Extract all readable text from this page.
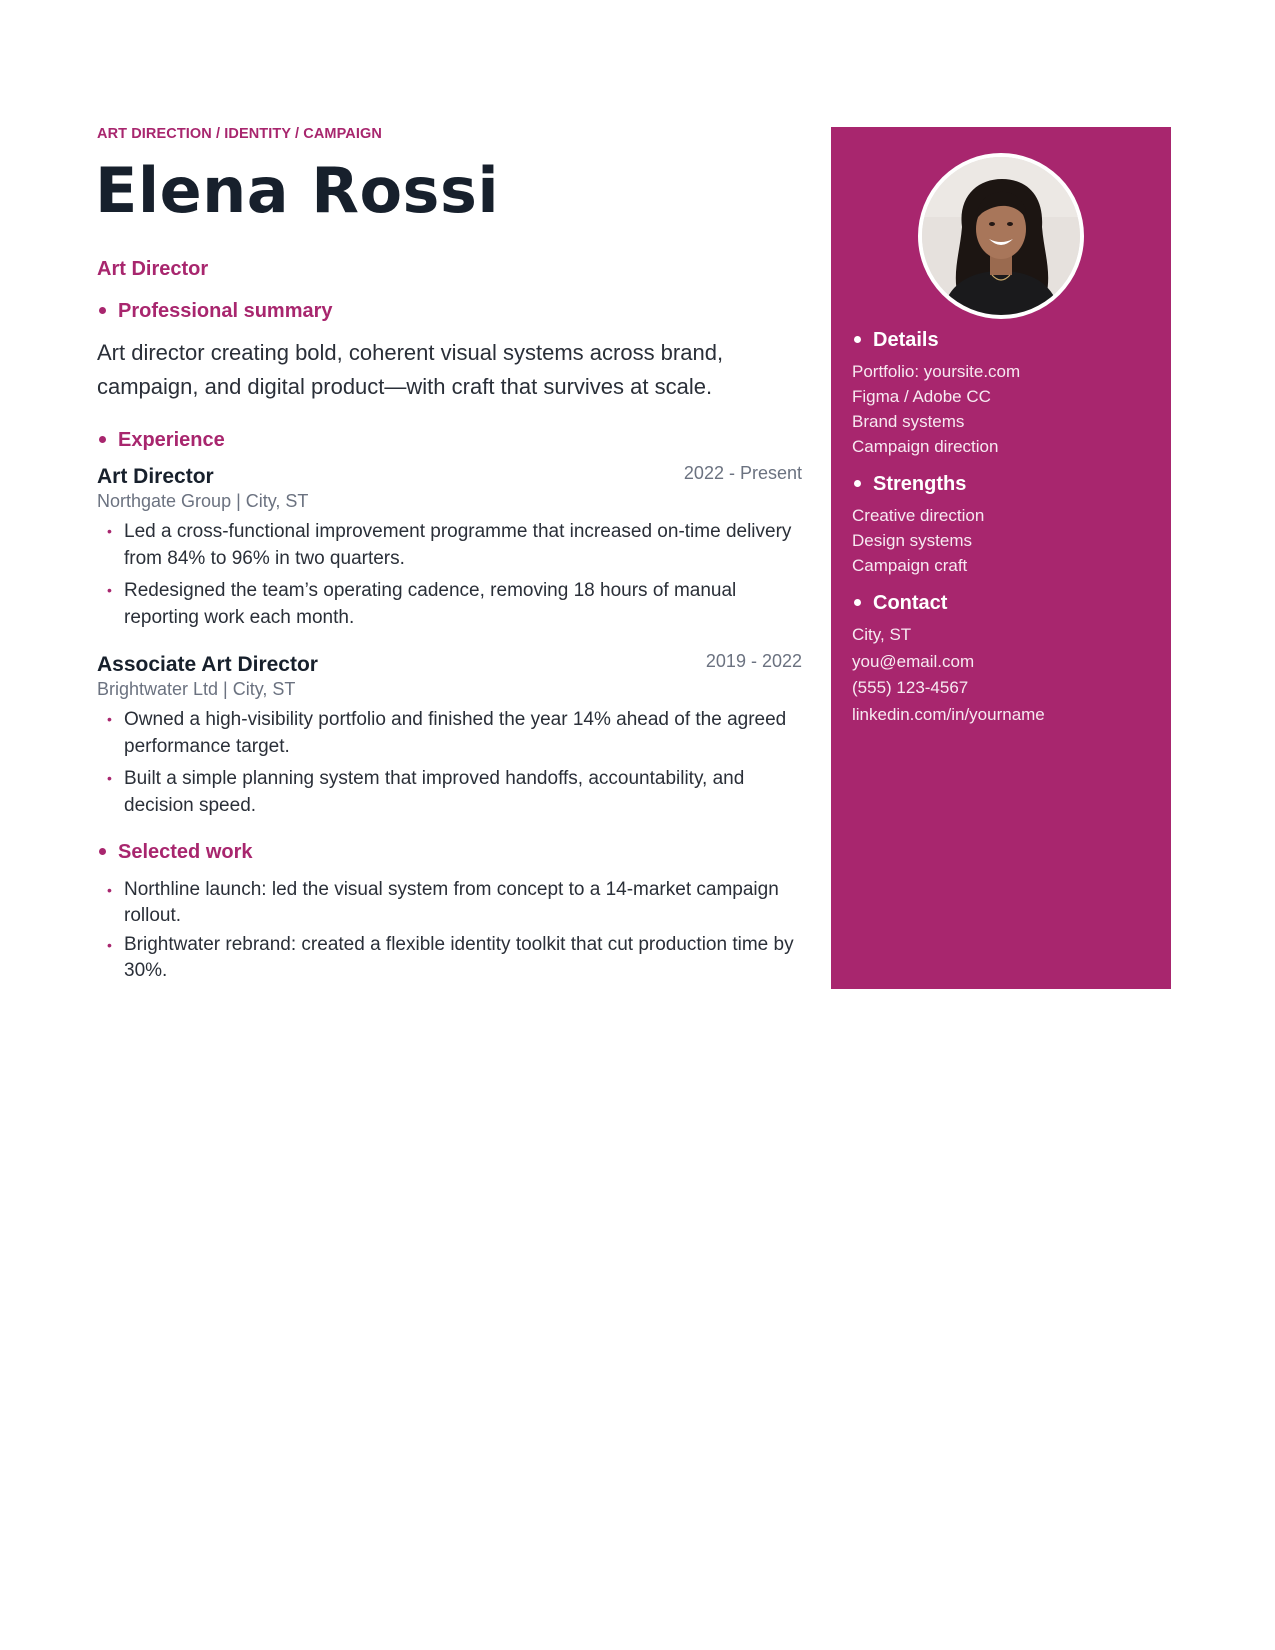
ART DIRECTION / IDENTITY / CAMPAIGN
Elena Rossi
Art Director
Professional summary
Art director creating bold, coherent visual systems across brand, campaign, and digital product—with craft that survives at scale.
Experience
Art Director	2022 - Present
Northgate Group | City, ST
• Led a cross-functional improvement programme that increased on-time delivery from 84% to 96% in two quarters.
• Redesigned the team’s operating cadence, removing 18 hours of manual reporting work each month.
Associate Art Director	2019 - 2022
Brightwater Ltd | City, ST
• Owned a high-visibility portfolio and finished the year 14% ahead of the agreed performance target.
• Built a simple planning system that improved handoffs, accountability, and decision speed.
Selected work
• Northline launch: led the visual system from concept to a 14-market campaign rollout.
• Brightwater rebrand: created a flexible identity toolkit that cut production time by 30%.
Details
Portfolio: yoursite.com
Figma / Adobe CC
Brand systems
Campaign direction
Strengths
Creative direction
Design systems
Campaign craft
Contact
City, ST
you@email.com
(555) 123-4567
linkedin.com/in/yourname
